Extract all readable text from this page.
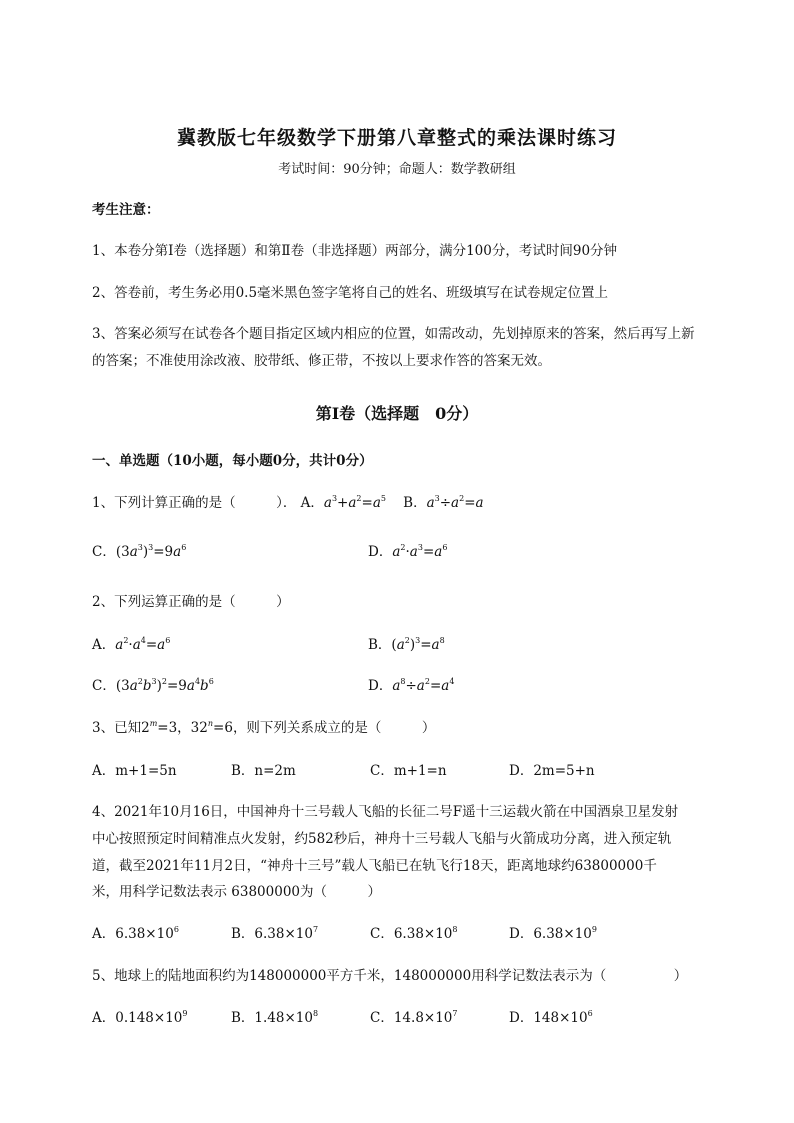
冀教版七年级数学下册第八章整式的乘法课时练习
考试时间：90分钟；命题人：数学教研组
考生注意：
1、本卷分第Ⅰ卷（选择题）和第Ⅱ卷（非选择题）两部分，满分100分，考试时间90分钟
2、答卷前，考生务必用0.5毫米黑色签字笔将自己的姓名、班级填写在试卷规定位置上
3、答案必须写在试卷各个题目指定区域内相应的位置，如需改动，先划掉原来的答案，然后再写上新
的答案；不准使用涂改液、胶带纸、修正带，不按以上要求作答的答案无效。
第Ⅰ卷（选择题　0分）
一、单选题（10小题，每小题0分，共计0分）
1、下列计算正确的是（　　　）． A．$a^3+a^2=a^5$ B．$a^3\div a^2=a$
C．$(3a^3)^3=9a^6$	D．$a^2\cdot a^3=a^6$
2、下列运算正确的是（　　　）
A．$a^2\cdot a^4=a^6$	B．$(a^2)^3=a^8$
C．$(3a^2b^3)^2=9a^4b^6$	D．$a^8\div a^2=a^4$
3、已知$2^m=3$，$32^n=6$，则下列关系成立的是（　　　）
A．m+1=5n	B．n=2m	C．m+1=n	D．2m=5+n
4、2021年10月16日，中国神舟十三号载人飞船的长征二号F遥十三运载火箭在中国酒泉卫星发射
中心按照预定时间精准点火发射，约582秒后，神舟十三号载人飞船与火箭成功分离，进入预定轨
道，截至2021年11月2日，“神舟十三号”载人飞船已在轨飞行18天，距离地球约63800000千
米，用科学记数法表示 63800000为（　　　）
A．$6.38\times 10^6$	B．$6.38\times 10^7$	C．$6.38\times 10^8$	D．$6.38\times 10^9$
5、地球上的陆地面积约为148000000平方千米，148000000用科学记数法表示为（　　　　　）
A．$0.148\times 10^9$	B．$1.48\times 10^8$	C．$14.8\times 10^7$	D．$148\times 10^6$
